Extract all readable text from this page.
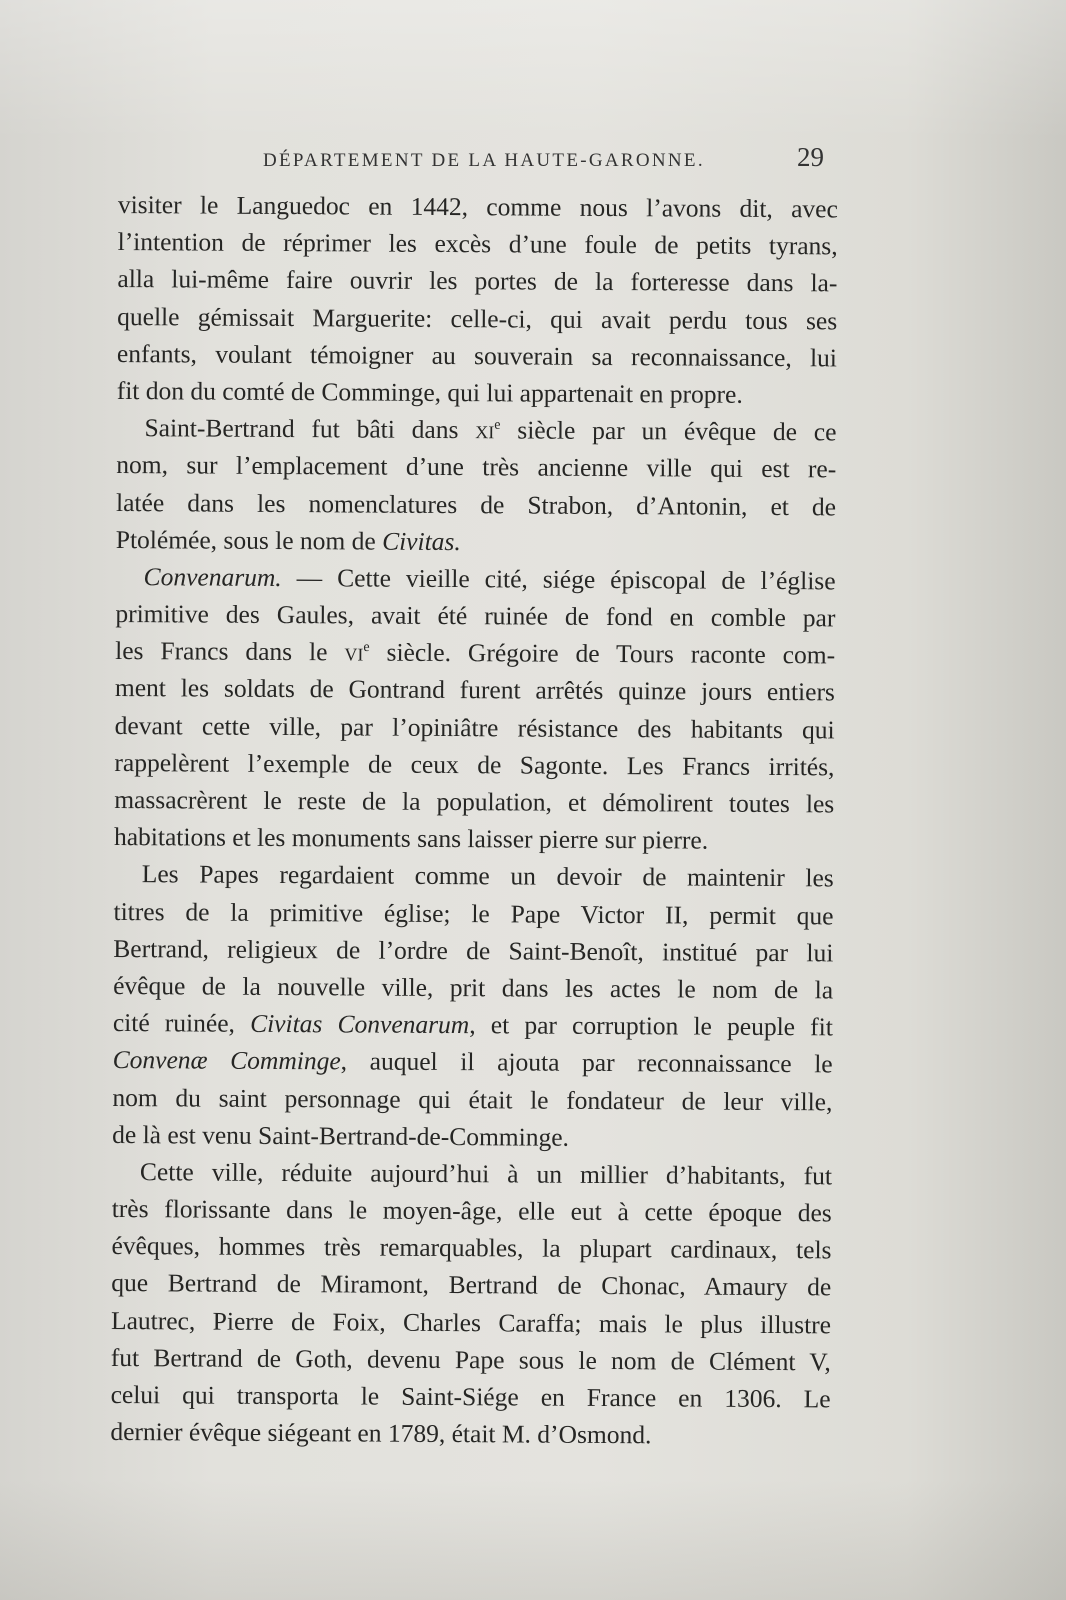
DÉPARTEMENT DE LA HAUTE-GARONNE.	29
visiter le Languedoc en 1442, comme nous l’avons dit, avec
l’intention de réprimer les excès d’une foule de petits tyrans,
alla lui-même faire ouvrir les portes de la forteresse dans la-
quelle gémissait Marguerite: celle-ci, qui avait perdu tous ses
enfants, voulant témoigner au souverain sa reconnaissance, lui
fit don du comté de Comminge, qui lui appartenait en propre.
Saint-Bertrand fut bâti dans $xi^e$ siècle par un évêque de ce
nom, sur l’emplacement d’une très ancienne ville qui est re-
latée dans les nomenclatures de Strabon, d’Antonin, et de
Ptolémée, sous le nom de Civitas.
Convenarum. — Cette vieille cité, siége épiscopal de l’église
primitive des Gaules, avait été ruinée de fond en comble par
les Francs dans le $vi^e$ siècle. Grégoire de Tours raconte com-
ment les soldats de Gontrand furent arrêtés quinze jours entiers
devant cette ville, par l’opiniâtre résistance des habitants qui
rappelèrent l’exemple de ceux de Sagonte. Les Francs irrités,
massacrèrent le reste de la population, et démolirent toutes les
habitations et les monuments sans laisser pierre sur pierre.
Les Papes regardaient comme un devoir de maintenir les
titres de la primitive église; le Pape Victor II, permit que
Bertrand, religieux de l’ordre de Saint-Benoît, institué par lui
évêque de la nouvelle ville, prit dans les actes le nom de la
cité ruinée, Civitas Convenarum, et par corruption le peuple fit
Convenæ Comminge, auquel il ajouta par reconnaissance le
nom du saint personnage qui était le fondateur de leur ville,
de là est venu Saint-Bertrand-de-Comminge.
Cette ville, réduite aujourd’hui à un millier d’habitants, fut
très florissante dans le moyen-âge, elle eut à cette époque des
évêques, hommes très remarquables, la plupart cardinaux, tels
que Bertrand de Miramont, Bertrand de Chonac, Amaury de
Lautrec, Pierre de Foix, Charles Caraffa; mais le plus illustre
fut Bertrand de Goth, devenu Pape sous le nom de Clément V,
celui qui transporta le Saint-Siége en France en 1306. Le
dernier évêque siégeant en 1789, était M. d’Osmond.
